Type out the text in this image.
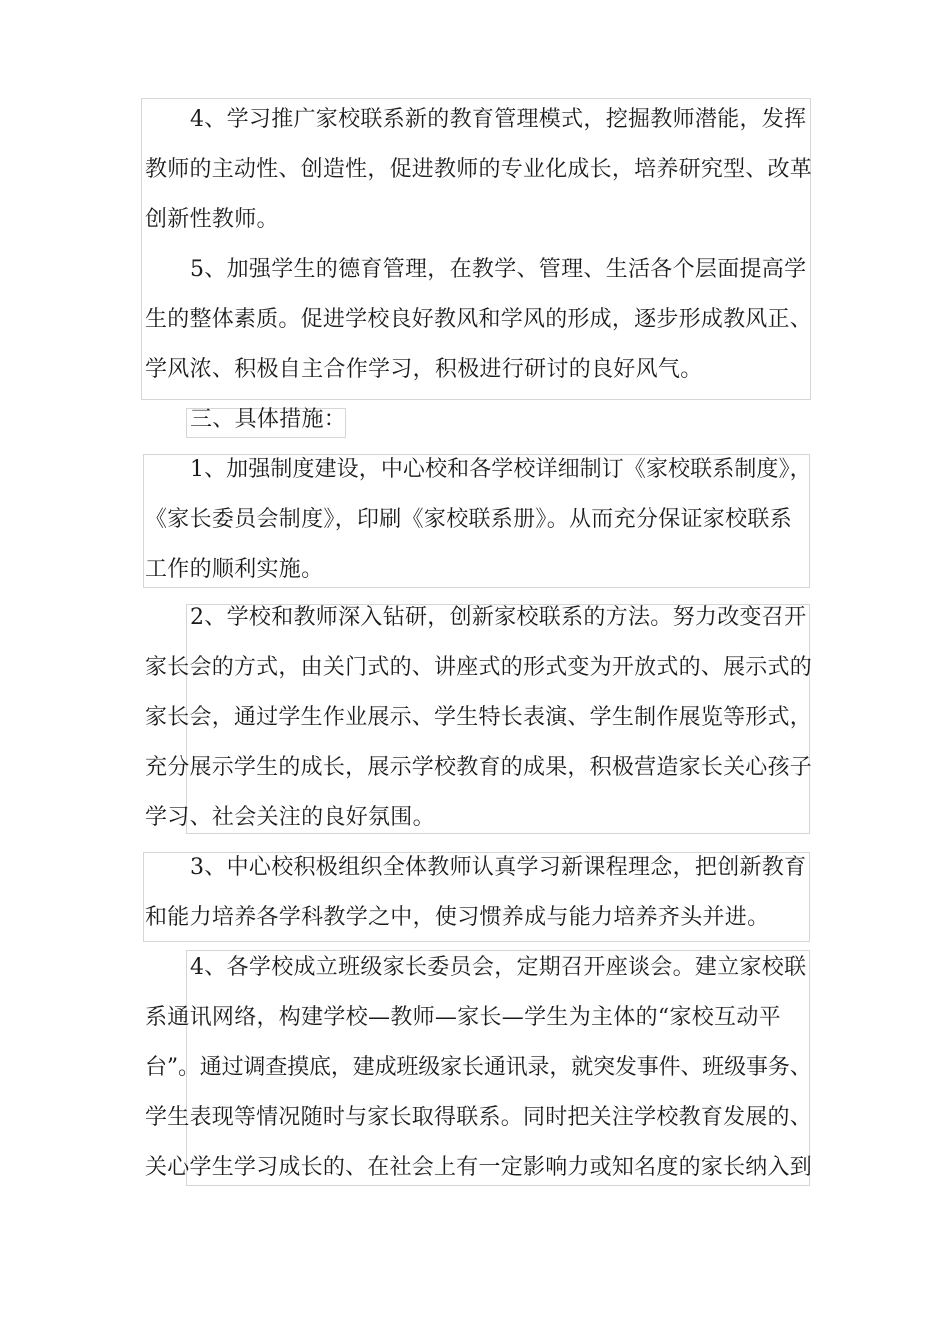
4、学习推广家校联系新的教育管理模式，挖掘教师潜能，发挥
教师的主动性、创造性，促进教师的专业化成长，培养研究型、改革
创新性教师。
5、加强学生的德育管理，在教学、管理、生活各个层面提高学
生的整体素质。促进学校良好教风和学风的形成，逐步形成教风正、
学风浓、积极自主合作学习，积极进行研讨的良好风气。
三、具体措施：
1、加强制度建设，中心校和各学校详细制订《家校联系制度》，
《家长委员会制度》，印刷《家校联系册》。从而充分保证家校联系
工作的顺利实施。
2、学校和教师深入钻研，创新家校联系的方法。努力改变召开
家长会的方式，由关门式的、讲座式的形式变为开放式的、展示式的
家长会，通过学生作业展示、学生特长表演、学生制作展览等形式，
充分展示学生的成长，展示学校教育的成果，积极营造家长关心孩子
学习、社会关注的良好氛围。
3、中心校积极组织全体教师认真学习新课程理念，把创新教育
和能力培养各学科教学之中，使习惯养成与能力培养齐头并进。
4、各学校成立班级家长委员会，定期召开座谈会。建立家校联
系通讯网络，构建学校—教师—家长—学生为主体的“家校互动平
台”。通过调查摸底，建成班级家长通讯录，就突发事件、班级事务、
学生表现等情况随时与家长取得联系。同时把关注学校教育发展的、
关心学生学习成长的、在社会上有一定影响力或知名度的家长纳入到
